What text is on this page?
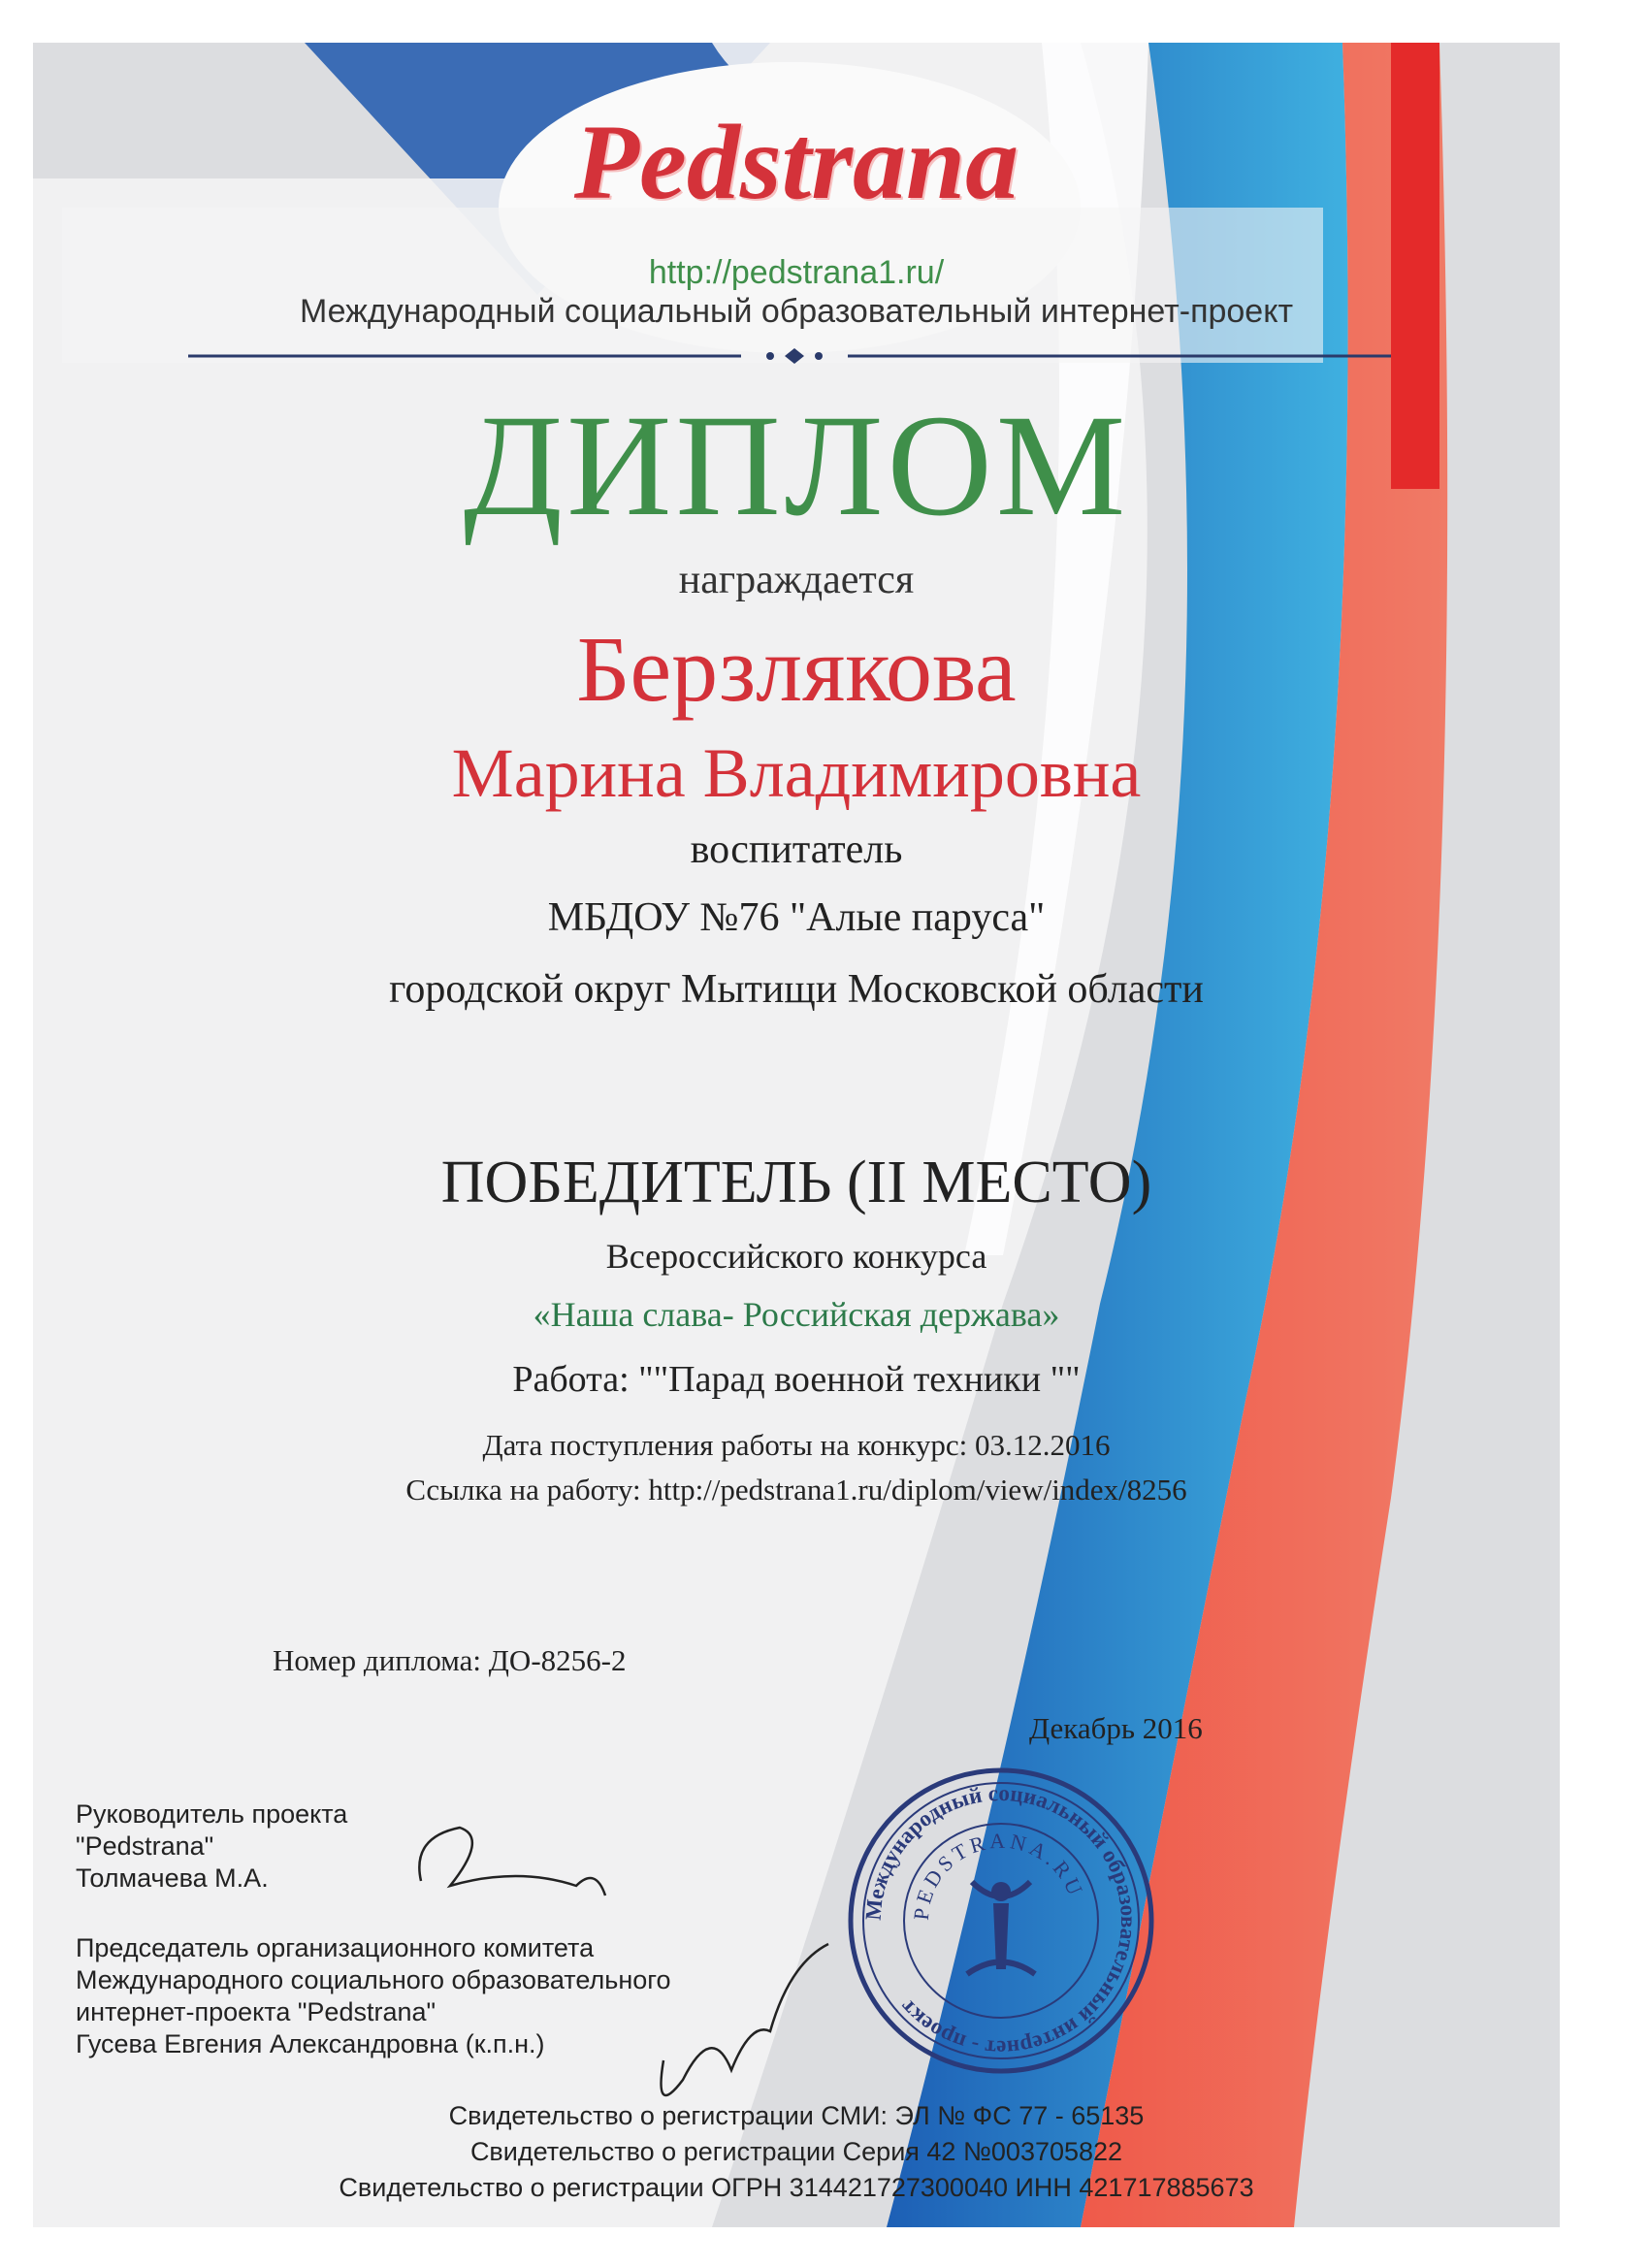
Pedstrana
http://pedstrana1.ru/
Международный социальный образовательный интернет-проект
ДИПЛОМ
награждается
Берзлякова
Марина Владимировна
воспитатель
МБДОУ №76 "Алые паруса"
городской округ Мытищи Московской области
ПОБЕДИТЕЛЬ (II МЕСТО)
Всероссийского конкурса
«Наша слава- Российская держава»
Работа: ""Парад военной техники ""
Дата поступления работы на конкурс: 03.12.2016
Ссылка на работу: http://pedstrana1.ru/diplom/view/index/8256
Номер диплома: ДО-8256-2
Декабрь 2016
Руководитель проекта
"Pedstrana"
Толмачева М.А.
Председатель организационного комитета
Международного социального образовательного
интернет-проекта "Pedstrana"
Гусева Евгения Александровна (к.п.н.)
Свидетельство о регистрации СМИ: ЭЛ № ФС 77 - 65135
Свидетельство о регистрации Серия 42 №003705822
Свидетельство о регистрации ОГРН 314421727300040 ИНН 421717885673
Международный социальный образовательный интернет - проект
PEDSTRANA.RU
